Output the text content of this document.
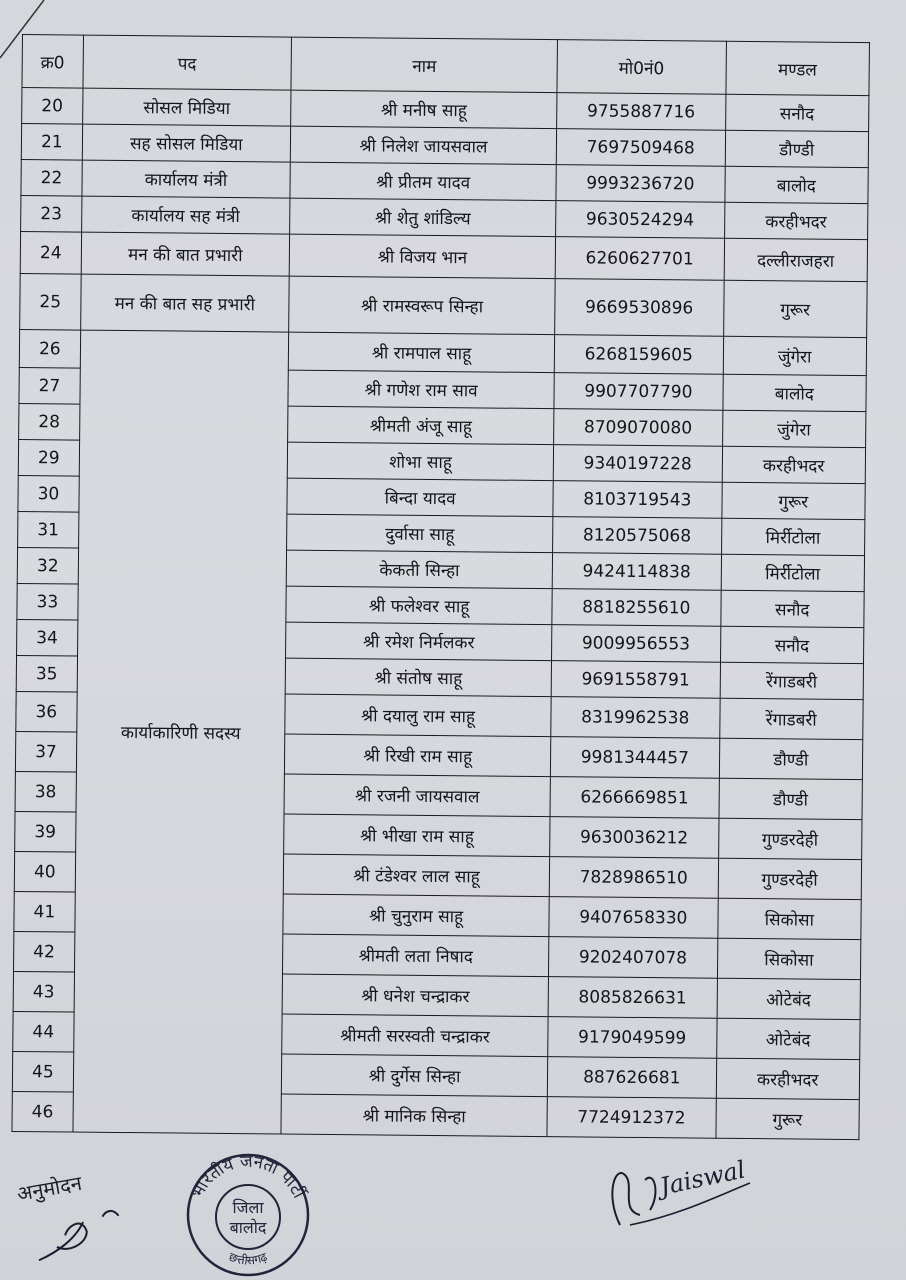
क्र0	पद	नाम	मो0नं0	मण्डल
20	सोसल मिडिया	श्री मनीष साहू	9755887716	सनौद
21	सह सोसल मिडिया	श्री निलेश जायसवाल	7697509468	डौण्डी
22	कार्यालय मंत्री	श्री प्रीतम यादव	9993236720	बालोद
23	कार्यालय सह मंत्री	श्री शेतु शांडिल्य	9630524294	करहीभदर
24	मन की बात प्रभारी	श्री विजय भान	6260627701	दल्लीराजहरा
25	मन की बात सह प्रभारी	श्री रामस्वरूप सिन्हा	9669530896	गुरूर
26	कार्याकारिणी सदस्य	श्री रामपाल साहू	6268159605	जुंगेरा
27		श्री गणेश राम साव	9907707790	बालोद
28		श्रीमती अंजू साहू	8709070080	जुंगेरा
29		शोभा साहू	9340197228	करहीभदर
30		बिन्दा यादव	8103719543	गुरूर
31		दुर्वासा साहू	8120575068	मिर्रीटोला
32		केकती सिन्हा	9424114838	मिर्रीटोला
33		श्री फलेश्वर साहू	8818255610	सनौद
34		श्री रमेश निर्मलकर	9009956553	सनौद
35		श्री संतोष साहू	9691558791	रेंगाडबरी
36		श्री दयालु राम साहू	8319962538	रेंगाडबरी
37		श्री रिखी राम साहू	9981344457	डौण्डी
38		श्री रजनी जायसवाल	6266669851	डौण्डी
39		श्री भीखा राम साहू	9630036212	गुण्डरदेही
40		श्री टंडेश्वर लाल साहू	7828986510	गुण्डरदेही
41		श्री चुनुराम साहू	9407658330	सिकोसा
42		श्रीमती लता निषाद	9202407078	सिकोसा
43		श्री धनेश चन्द्राकर	8085826631	ओटेबंद
44		श्रीमती सरस्वती चन्द्राकर	9179049599	ओटेबंद
45		श्री दुर्गेस सिन्हा	887626681	करहीभदर
46		श्री मानिक सिन्हा	7724912372	गुरूर
अनुमोदन	भारतीय जनता पार्टी
जिला
बालोद
छत्तीसगढ़
Jaiswal
